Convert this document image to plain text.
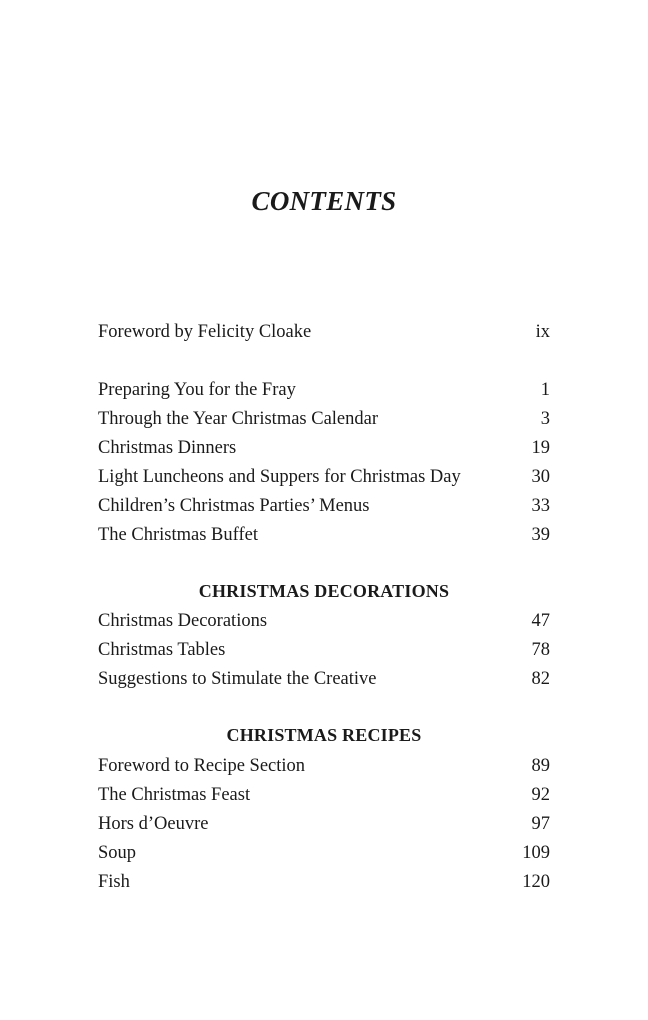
CONTENTS
Foreword by Felicity Cloake	ix
Preparing You for the Fray	1
Through the Year Christmas Calendar	3
Christmas Dinners	19
Light Luncheons and Suppers for Christmas Day	30
Children’s Christmas Parties’ Menus	33
The Christmas Buffet	39
CHRISTMAS DECORATIONS
Christmas Decorations	47
Christmas Tables	78
Suggestions to Stimulate the Creative	82
CHRISTMAS RECIPES
Foreword to Recipe Section	89
The Christmas Feast	92
Hors d’Oeuvre	97
Soup	109
Fish	120
